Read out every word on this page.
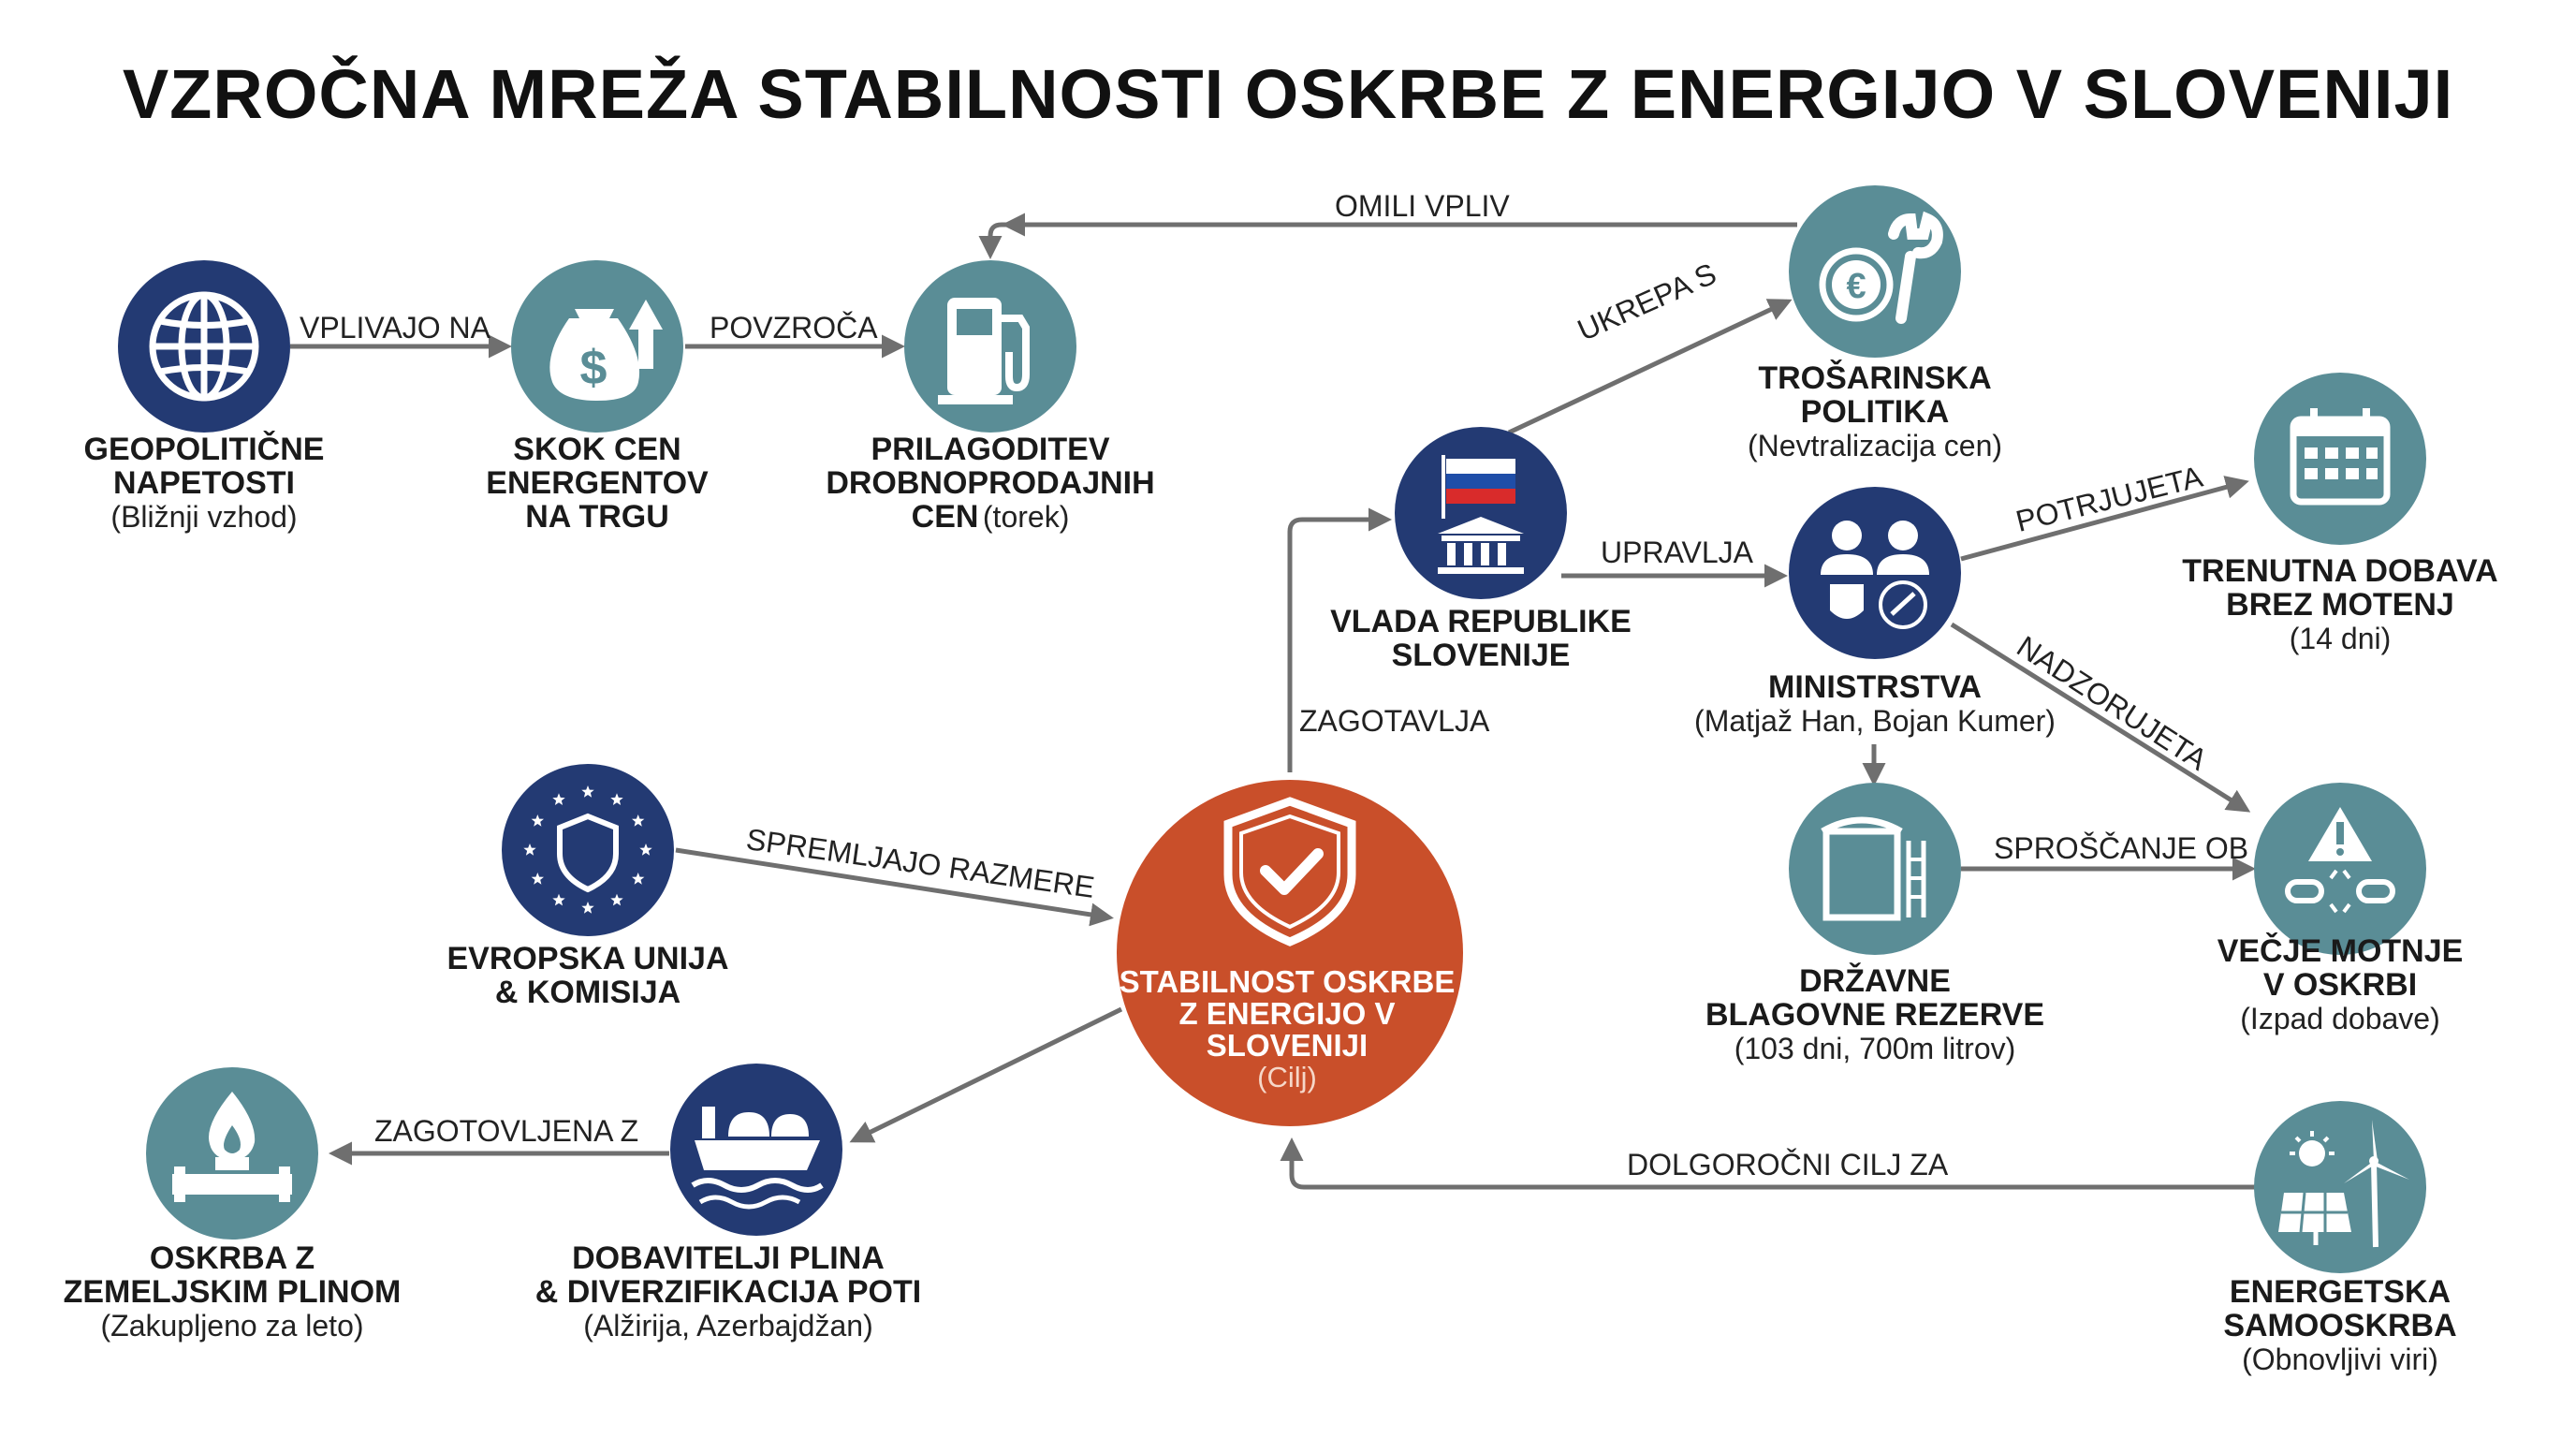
$
€
VZROČNA MREŽA STABILNOSTI OSKRBE Z ENERGIJO V SLOVENIJI
VPLIVAJO NA	POVZROČA
OMILI VPLIV
UKREPA S
UPRAVLJA
POTRJUJETA
NADZORUJETA
ZAGOTAVLJA
SPREMLJAJO RAZMERE	SPROŠČANJE OB
ZAGOTOVLJENA Z
DOLGOROČNI CILJ ZA
GEOPOLITIČNE
NAPETOSTI
(Bližnji vzhod)
SKOK CEN
ENERGENTOV
NA TRGU
PRILAGODITEV
DROBNOPRODAJNIH
CEN (torek)
TROŠARINSKA
POLITIKA
(Nevtralizacija cen)
VLADA REPUBLIKE
SLOVENIJE
MINISTRSTVA
(Matjaž Han, Bojan Kumer)
TRENUTNA DOBAVA
BREZ MOTENJ
(14 dni)
EVROPSKA UNIJA
& KOMISIJA	STABILNOST OSKRBE
Z ENERGIJO V
SLOVENIJI
(Cilj)
DRŽAVNE
BLAGOVNE REZERVE
(103 dni, 700m litrov)
VEČJE MOTNJE
V OSKRBI
(Izpad dobave)
OSKRBA Z
ZEMELJSKIM PLINOM
(Zakupljeno za leto)
DOBAVITELJI PLINA
& DIVERZIFIKACIJA POTI
(Alžirija, Azerbajdžan)
ENERGETSKA
SAMOOSKRBA
(Obnovljivi viri)
